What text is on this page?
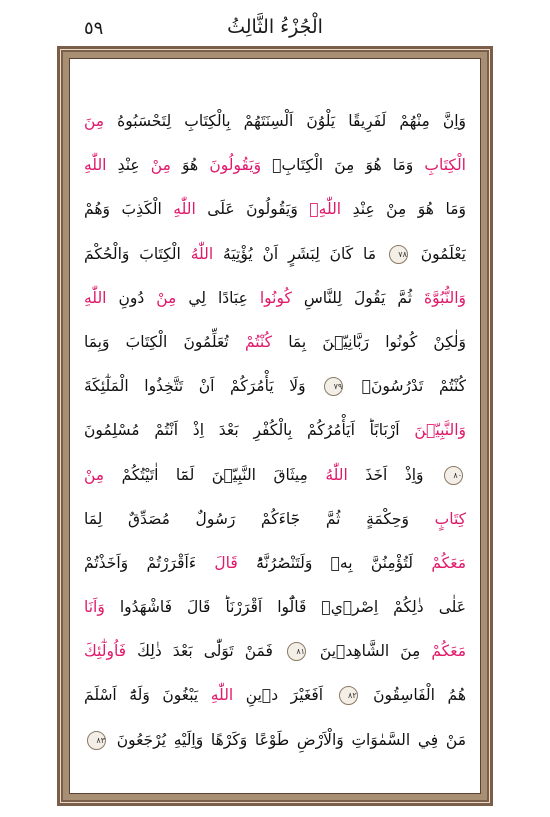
٥٩	الْجُزْءُ الثَّالِثُ
وَاِنَّ مِنْهُمْ لَفَرِيقًا يَلْوُنَ اَلْسِنَتَهُمْ بِالْكِتَابِ لِتَحْسَبُوهُ مِنَ
الْكِتَابِ وَمَا هُوَ مِنَ الْكِتَابِۚ وَيَقُولُونَ هُوَ مِنْ عِنْدِ اللّٰهِ
وَمَا هُوَ مِنْ عِنْدِ اللّٰهِۚ وَيَقُولُونَ عَلَى اللّٰهِ الْكَذِبَ وَهُمْ
يَعْلَمُونَ ٧٨ مَا كَانَ لِبَشَرٍ اَنْ يُؤْتِيَهُ اللّٰهُ الْكِتَابَ وَالْحُكْمَ
وَالنُّبُوَّةَ ثُمَّ يَقُولَ لِلنَّاسِ كُونُوا عِبَادًا لِي مِنْ دُونِ اللّٰهِ
وَلٰكِنْ كُونُوا رَبَّانِيّٖنَ بِمَا كُنْتُمْ تُعَلِّمُونَ الْكِتَابَ وَبِمَا
كُنْتُمْ تَدْرُسُونَۙ ٧٩ وَلَا يَأْمُرَكُمْ اَنْ تَتَّخِذُوا الْمَلٰٓئِكَةَ
وَالنَّبِيّٖنَ اَرْبَابًاؕ اَيَأْمُرُكُمْ بِالْكُفْرِ بَعْدَ اِذْ اَنْتُمْ مُسْلِمُونَ
٨٠ وَاِذْ اَخَذَ اللّٰهُ مِيثَاقَ النَّبِيّٖنَ لَمَٓا اٰتَيْتُكُمْ مِنْ
كِتَابٍ وَحِكْمَةٍ ثُمَّ جَٓاءَكُمْ رَسُولٌ مُصَدِّقٌ لِمَا
مَعَكُمْ لَتُؤْمِنُنَّ بِهٖ وَلَتَنْصُرُنَّهُؕ قَالَ ءَاَقْرَرْتُمْ وَاَخَذْتُمْ
عَلٰى ذٰلِكُمْ اِصْرٖيۜ قَالُٓوا اَقْرَرْنَاؕ قَالَ فَاشْهَدُوا وَاَنَا
مَعَكُمْ مِنَ الشَّاهِدٖينَ ٨١ فَمَنْ تَوَلّٰى بَعْدَ ذٰلِكَ فَاُولٰٓئِكَ
هُمُ الْفَاسِقُونَ ٨٢ اَفَغَيْرَ دٖينِ اللّٰهِ يَبْغُونَ وَلَهُٓ اَسْلَمَ
مَنْ فِي السَّمٰوَاتِ وَالْاَرْضِ طَوْعًا وَكَرْهًا وَاِلَيْهِ يُرْجَعُونَ ٨٣
